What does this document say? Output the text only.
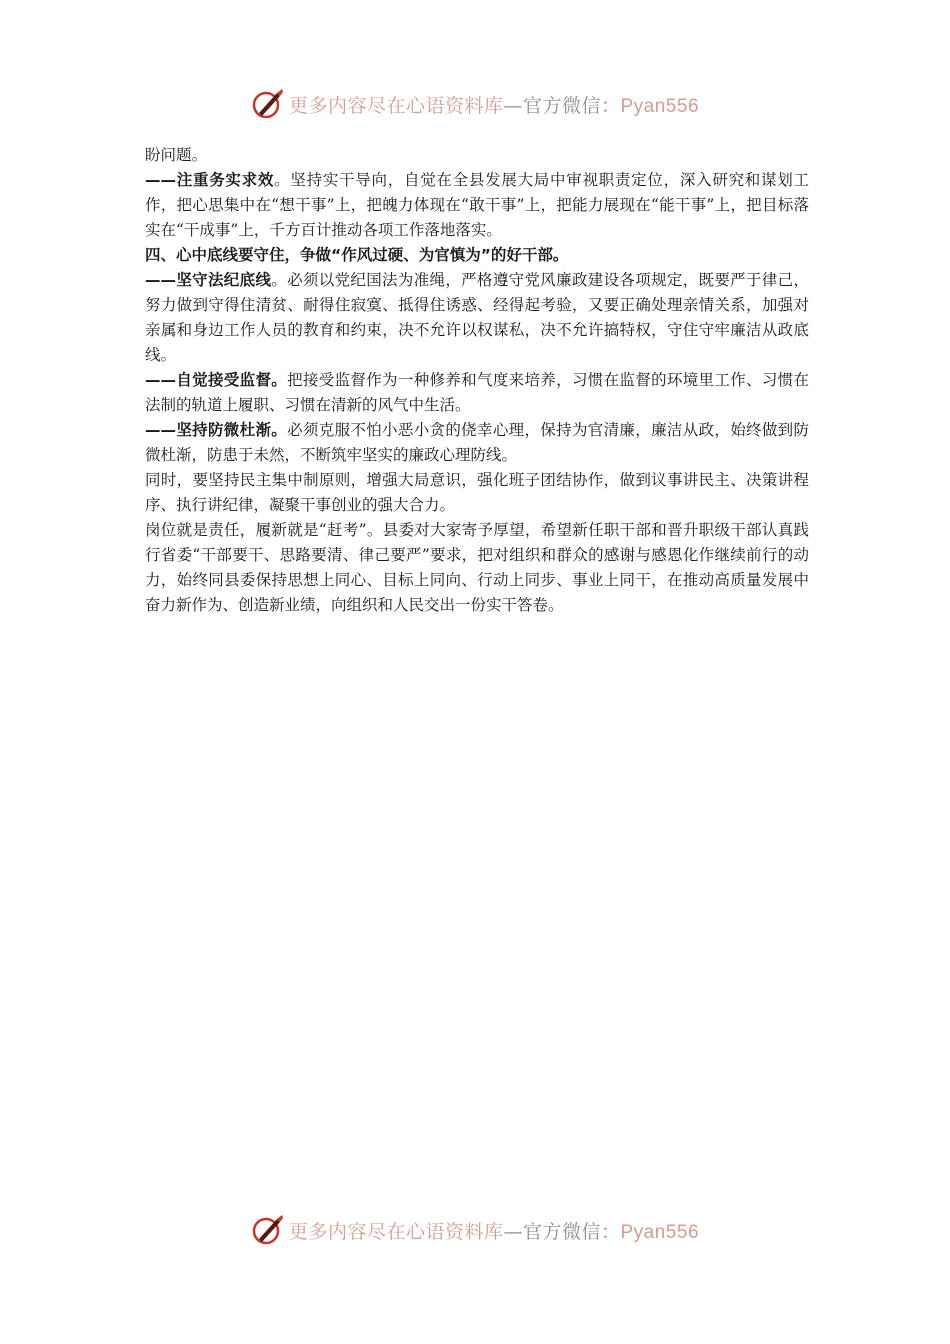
更多内容尽在心语资料库—官方微信：Pyan556

盼问题。

——注重务实求效。坚持实干导向，自觉在全县发展大局中审视职责定位，深入研究和谋划工作，把心思集中在“想干事”上，把魄力体现在“敢干事”上，把能力展现在“能干事”上，把目标落实在“干成事”上，千方百计推动各项工作落地落实。

四、心中底线要守住，争做“作风过硬、为官慎为”的好干部。

——坚守法纪底线。必须以党纪国法为准绳，严格遵守党风廉政建设各项规定，既要严于律己，努力做到守得住清贫、耐得住寂寞、抵得住诱惑、经得起考验，又要正确处理亲情关系，加强对亲属和身边工作人员的教育和约束，决不允许以权谋私，决不允许搞特权，守住守牢廉洁从政底线。

——自觉接受监督。把接受监督作为一种修养和气度来培养，习惯在监督的环境里工作、习惯在法制的轨道上履职、习惯在清新的风气中生活。

——坚持防微杜渐。必须克服不怕小恶小贪的侥幸心理，保持为官清廉，廉洁从政，始终做到防微杜渐，防患于未然，不断筑牢坚实的廉政心理防线。

同时，要坚持民主集中制原则，增强大局意识，强化班子团结协作，做到议事讲民主、决策讲程序、执行讲纪律，凝聚干事创业的强大合力。

岗位就是责任，履新就是“赶考”。县委对大家寄予厚望，希望新任职干部和晋升职级干部认真践行省委“干部要干、思路要清、律己要严”要求，把对组织和群众的感谢与感恩化作继续前行的动力，始终同县委保持思想上同心、目标上同向、行动上同步、事业上同干，在推动高质量发展中奋力新作为、创造新业绩，向组织和人民交出一份实干答卷。

更多内容尽在心语资料库—官方微信：Pyan556
